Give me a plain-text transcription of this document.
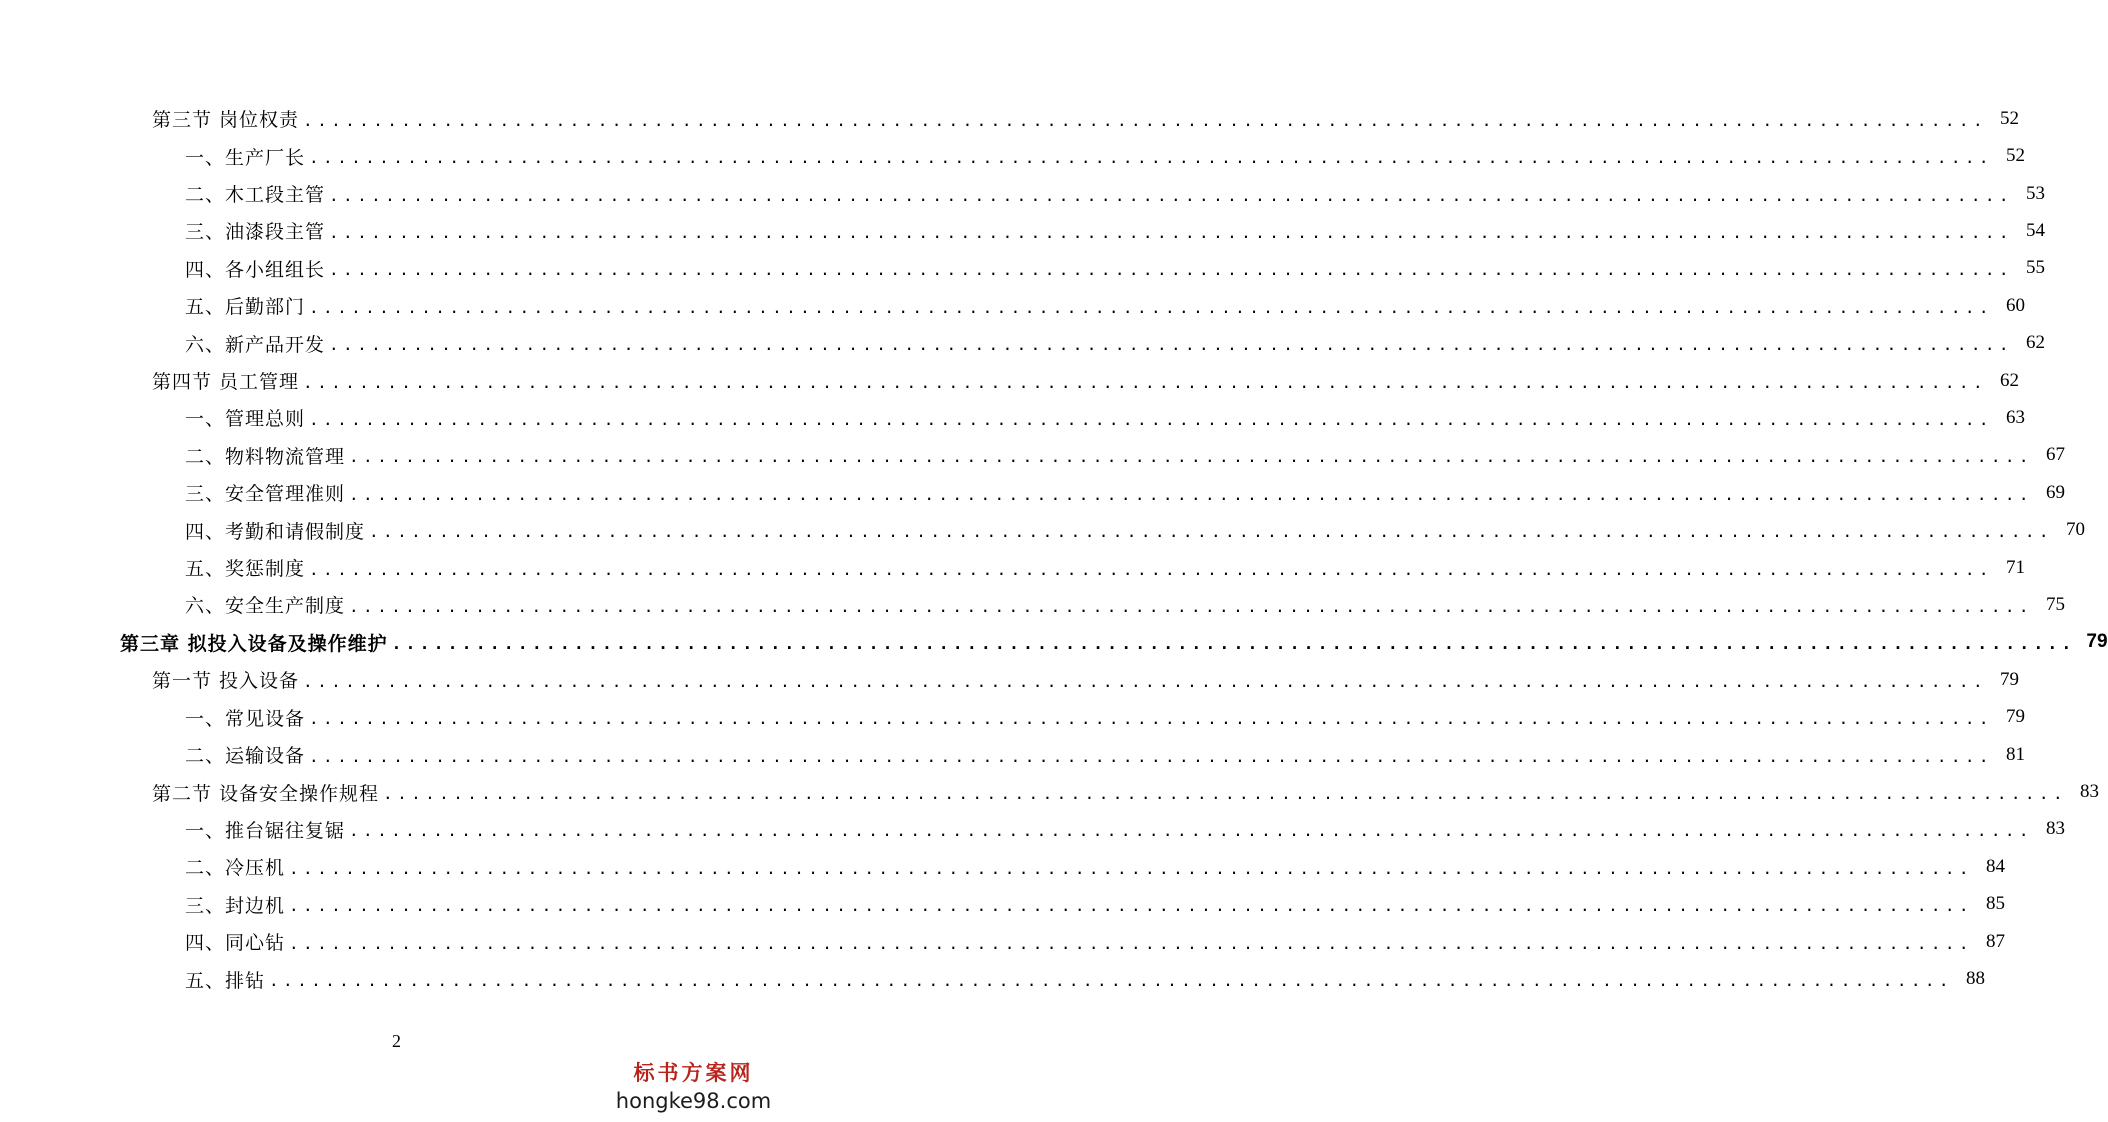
第三节 岗位权责 ........................................................................................................................ 52
一、生产厂长 ........................................................................................................................ 52
二、木工段主管 ........................................................................................................................ 53
三、油漆段主管 ........................................................................................................................ 54
四、各小组组长 ........................................................................................................................ 55
五、后勤部门 ........................................................................................................................ 60
六、新产品开发 ........................................................................................................................ 62
第四节 员工管理 ........................................................................................................................ 62
一、管理总则 ........................................................................................................................ 63
二、物料物流管理 ........................................................................................................................ 67
三、安全管理准则 ........................................................................................................................ 69
四、考勤和请假制度 ........................................................................................................................ 70
五、奖惩制度 ........................................................................................................................ 71
六、安全生产制度 ........................................................................................................................ 75
第三章 拟投入设备及操作维护 ........................................................................................................................ 79
第一节 投入设备 ........................................................................................................................ 79
一、常见设备 ........................................................................................................................ 79
二、运输设备 ........................................................................................................................ 81
第二节 设备安全操作规程 ........................................................................................................................ 83
一、推台锯往复锯 ........................................................................................................................ 83
二、冷压机 ........................................................................................................................ 84
三、封边机 ........................................................................................................................ 85
四、同心钻 ........................................................................................................................ 87
五、排钻 ........................................................................................................................ 88
2
标书方案网
hongke98.com
